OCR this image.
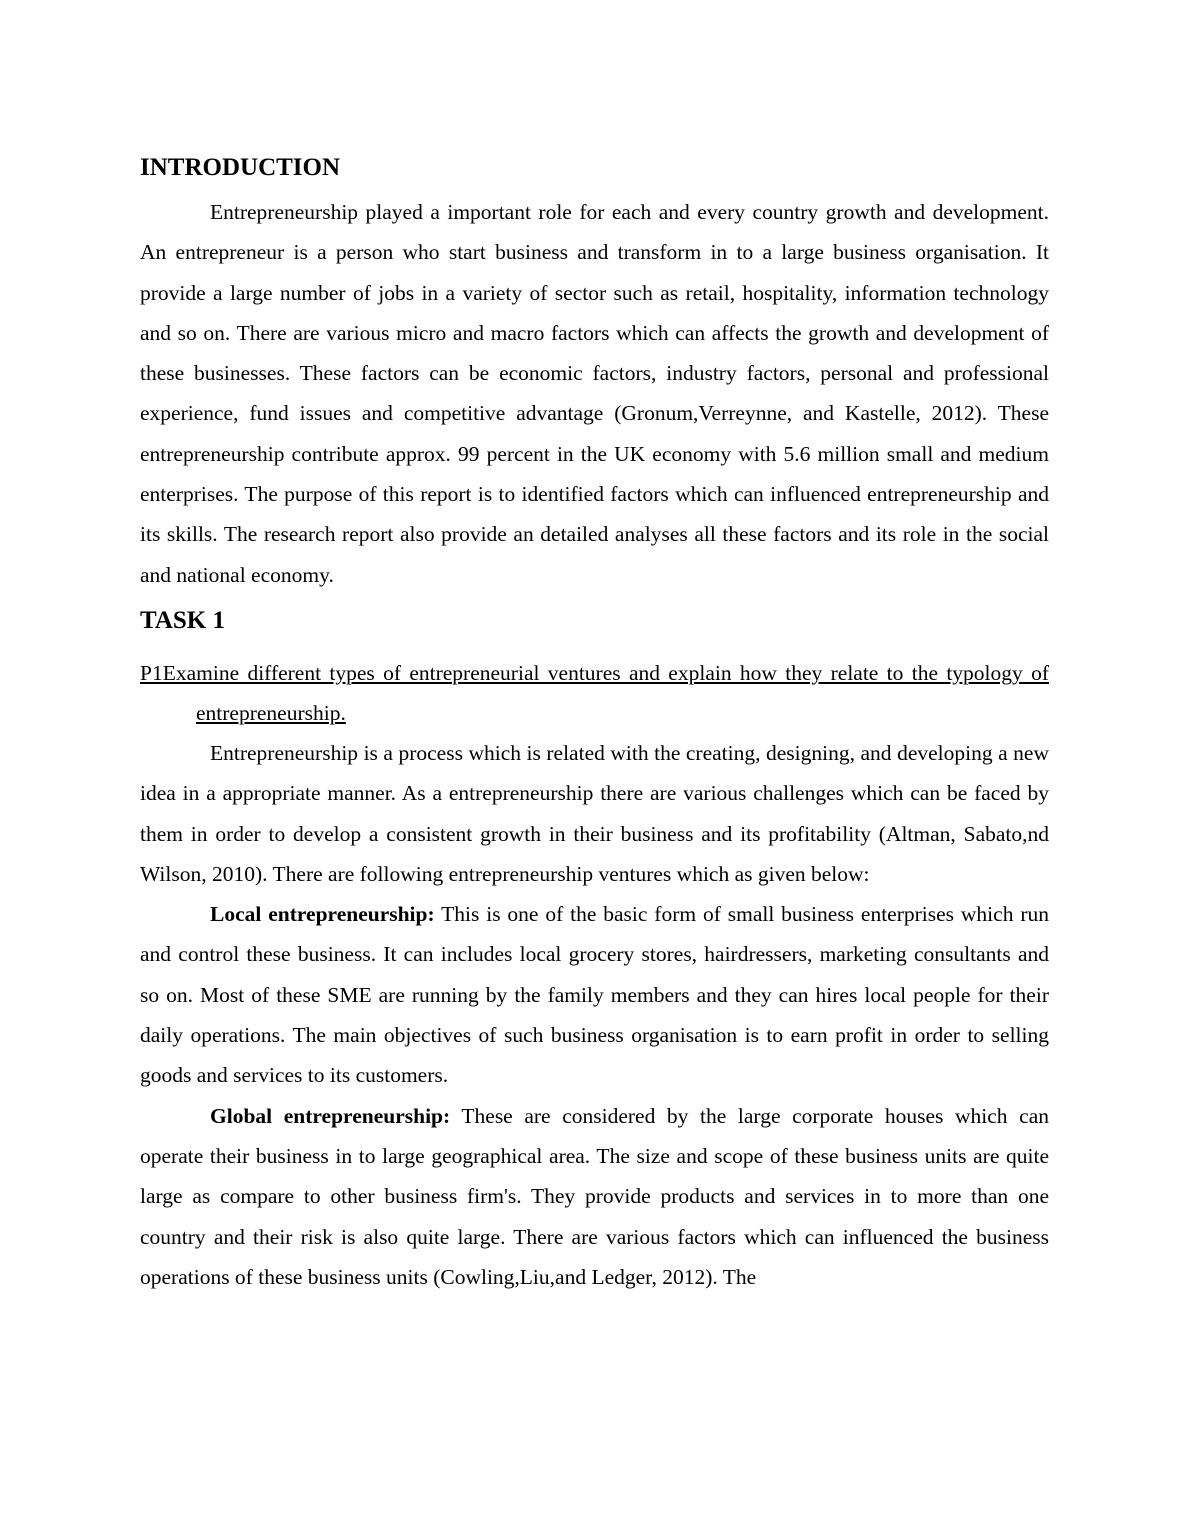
INTRODUCTION

Entrepreneurship played a important role for each and every country growth and development. An entrepreneur is a person who start business and transform in to a large business organisation. It provide a large number of jobs in a variety of sector such as retail, hospitality, information technology and so on. There are various micro and macro factors which can affects the growth and development of these businesses. These factors can be economic factors, industry factors, personal and professional experience, fund issues and competitive advantage (Gronum,Verreynne, and Kastelle, 2012). These entrepreneurship contribute approx. 99 percent in the UK economy with 5.6 million small and medium enterprises. The purpose of this report is to identified factors which can influenced entrepreneurship and its skills. The research report also provide an detailed analyses all these factors and its role in the social and national economy.

TASK 1

P1Examine different types of entrepreneurial ventures and explain how they relate to the typology of entrepreneurship.

Entrepreneurship is a process which is related with the creating, designing, and developing a new idea in a appropriate manner. As a entrepreneurship there are various challenges which can be faced by them in order to develop a consistent growth in their business and its profitability (Altman, Sabato,nd Wilson, 2010). There are following entrepreneurship ventures which as given below:

Local entrepreneurship: This is one of the basic form of small business enterprises which run and control these business. It can includes local grocery stores, hairdressers, marketing consultants and so on. Most of these SME are running by the family members and they can hires local people for their daily operations. The main objectives of such business organisation is to earn profit in order to selling goods and services to its customers.

Global entrepreneurship: These are considered by the large corporate houses which can operate their business in to large geographical area. The size and scope of these business units are quite large as compare to other business firm's. They provide products and services in to more than one country and their risk is also quite large. There are various factors which can influenced the business operations of these business units (Cowling,Liu,and Ledger, 2012). The
